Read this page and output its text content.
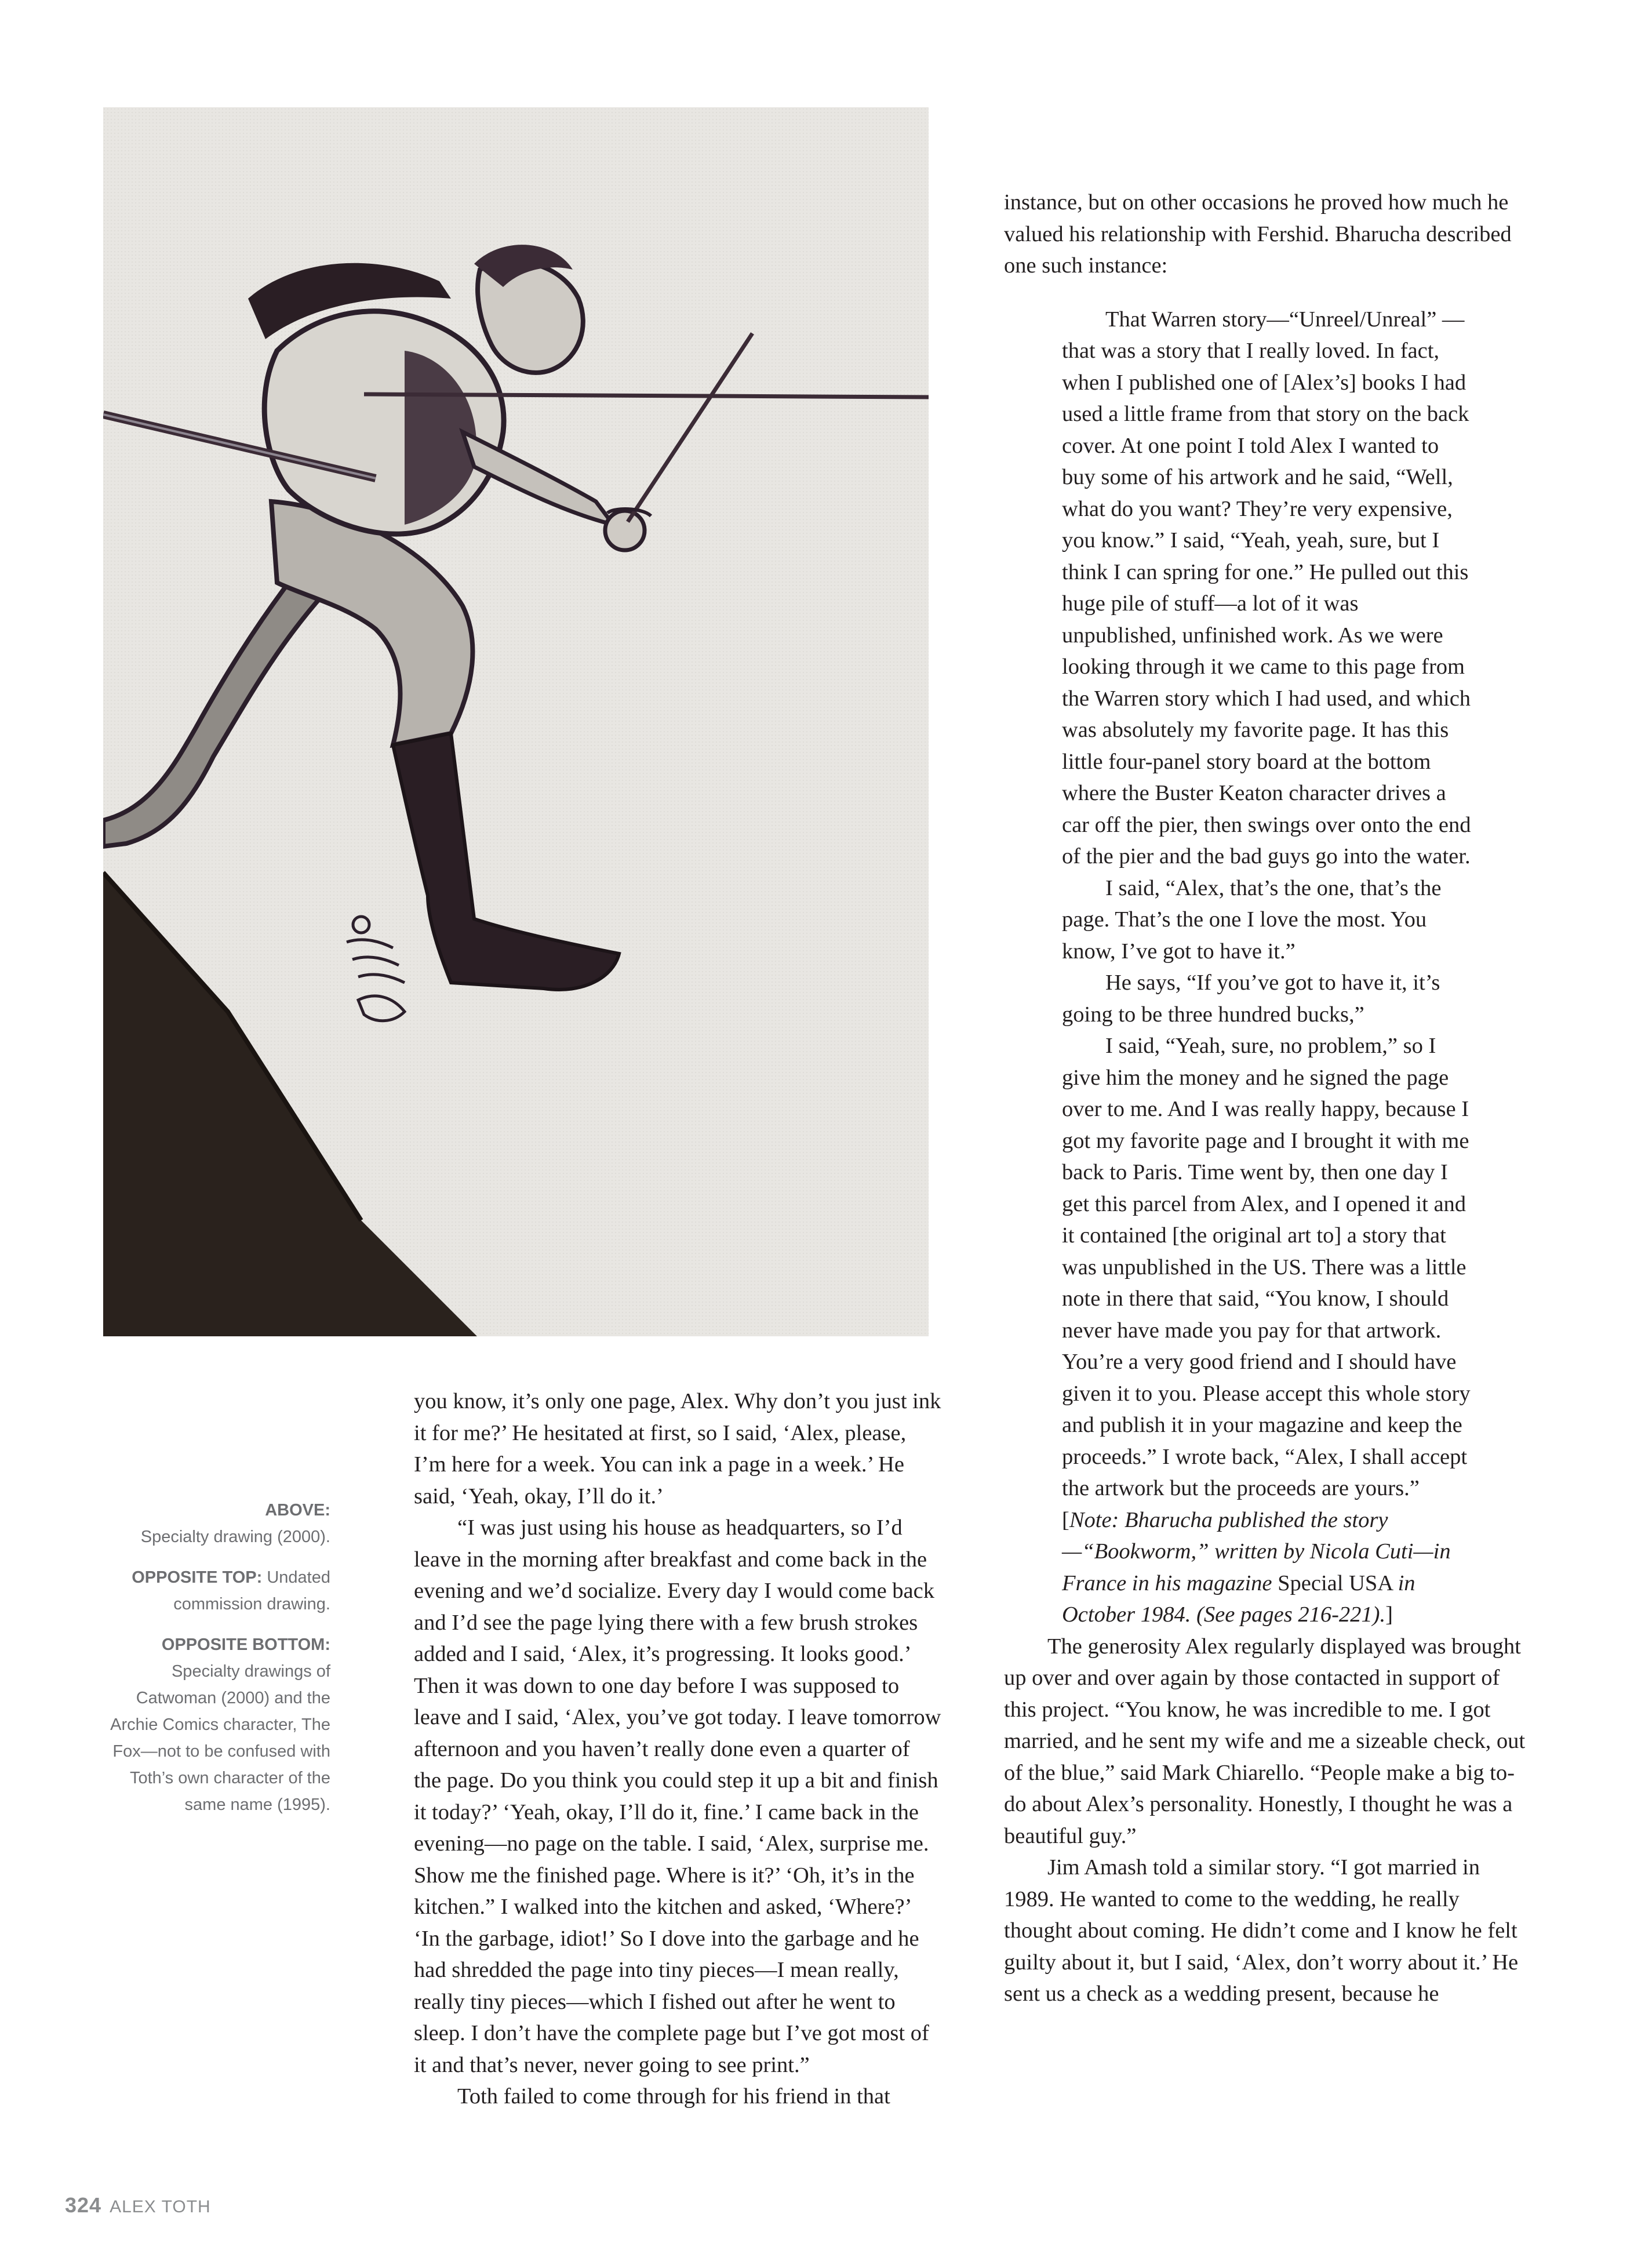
ABOVE:
Specialty drawing (2000).

OPPOSITE TOP: Undated commission drawing.

OPPOSITE BOTTOM:
Specialty drawings of Catwoman (2000) and the Archie Comics character, The Fox—not to be confused with Toth’s own character of the same name (1995).

you know, it’s only one page, Alex. Why don’t you just ink it for me?’ He hesitated at first, so I said, ‘Alex, please, I’m here for a week. You can ink a page in a week.’ He said, ‘Yeah, okay, I’ll do it.’

“I was just using his house as headquarters, so I’d leave in the morning after breakfast and come back in the evening and we’d socialize. Every day I would come back and I’d see the page lying there with a few brush strokes added and I said, ‘Alex, it’s progressing. It looks good.’ Then it was down to one day before I was supposed to leave and I said, ‘Alex, you’ve got today. I leave tomorrow afternoon and you haven’t really done even a quarter of the page. Do you think you could step it up a bit and finish it today?’ ‘Yeah, okay, I’ll do it, fine.’ I came back in the evening—no page on the table. I said, ‘Alex, surprise me. Show me the finished page. Where is it?’ ‘Oh, it’s in the kitchen.” I walked into the kitchen and asked, ‘Where?’ ‘In the garbage, idiot!’ So I dove into the garbage and he had shredded the page into tiny pieces—I mean really, really tiny pieces—which I fished out after he went to sleep. I don’t have the complete page but I’ve got most of it and that’s never, never going to see print.”

Toth failed to come through for his friend in that

instance, but on other occasions he proved how much he valued his relationship with Fershid. Bharucha described one such instance:

That Warren story—“Unreel/Unreal” —that was a story that I really loved. In fact, when I published one of [Alex’s] books I had used a little frame from that story on the back cover. At one point I told Alex I wanted to buy some of his artwork and he said, “Well, what do you want? They’re very expensive, you know.” I said, “Yeah, yeah, sure, but I think I can spring for one.” He pulled out this huge pile of stuff—a lot of it was unpublished, unfinished work. As we were looking through it we came to this page from the Warren story which I had used, and which was absolutely my favorite page. It has this little four-panel story board at the bottom where the Buster Keaton character drives a car off the pier, then swings over onto the end of the pier and the bad guys go into the water.

I said, “Alex, that’s the one, that’s the page. That’s the one I love the most. You know, I’ve got to have it.”

He says, “If you’ve got to have it, it’s going to be three hundred bucks,”

I said, “Yeah, sure, no problem,” so I give him the money and he signed the page over to me. And I was really happy, because I got my favorite page and I brought it with me back to Paris. Time went by, then one day I get this parcel from Alex, and I opened it and it contained [the original art to] a story that was unpublished in the US. There was a little note in there that said, “You know, I should never have made you pay for that artwork. You’re a very good friend and I should have given it to you. Please accept this whole story and publish it in your magazine and keep the proceeds.” I wrote back, “Alex, I shall accept the artwork but the proceeds are yours.” [Note: Bharucha published the story—“Bookworm,” written by Nicola Cuti—in France in his magazine Special USA in October 1984. (See pages 216-221).]

The generosity Alex regularly displayed was brought up over and over again by those contacted in support of this project. “You know, he was incredible to me. I got married, and he sent my wife and me a sizeable check, out of the blue,” said Mark Chiarello. “People make a big to-do about Alex’s personality. Honestly, I thought he was a beautiful guy.”

Jim Amash told a similar story. “I got married in 1989. He wanted to come to the wedding, he really thought about coming. He didn’t come and I know he felt guilty about it, but I said, ‘Alex, don’t worry about it.’ He sent us a check as a wedding present, because he

324 ALEX TOTH
